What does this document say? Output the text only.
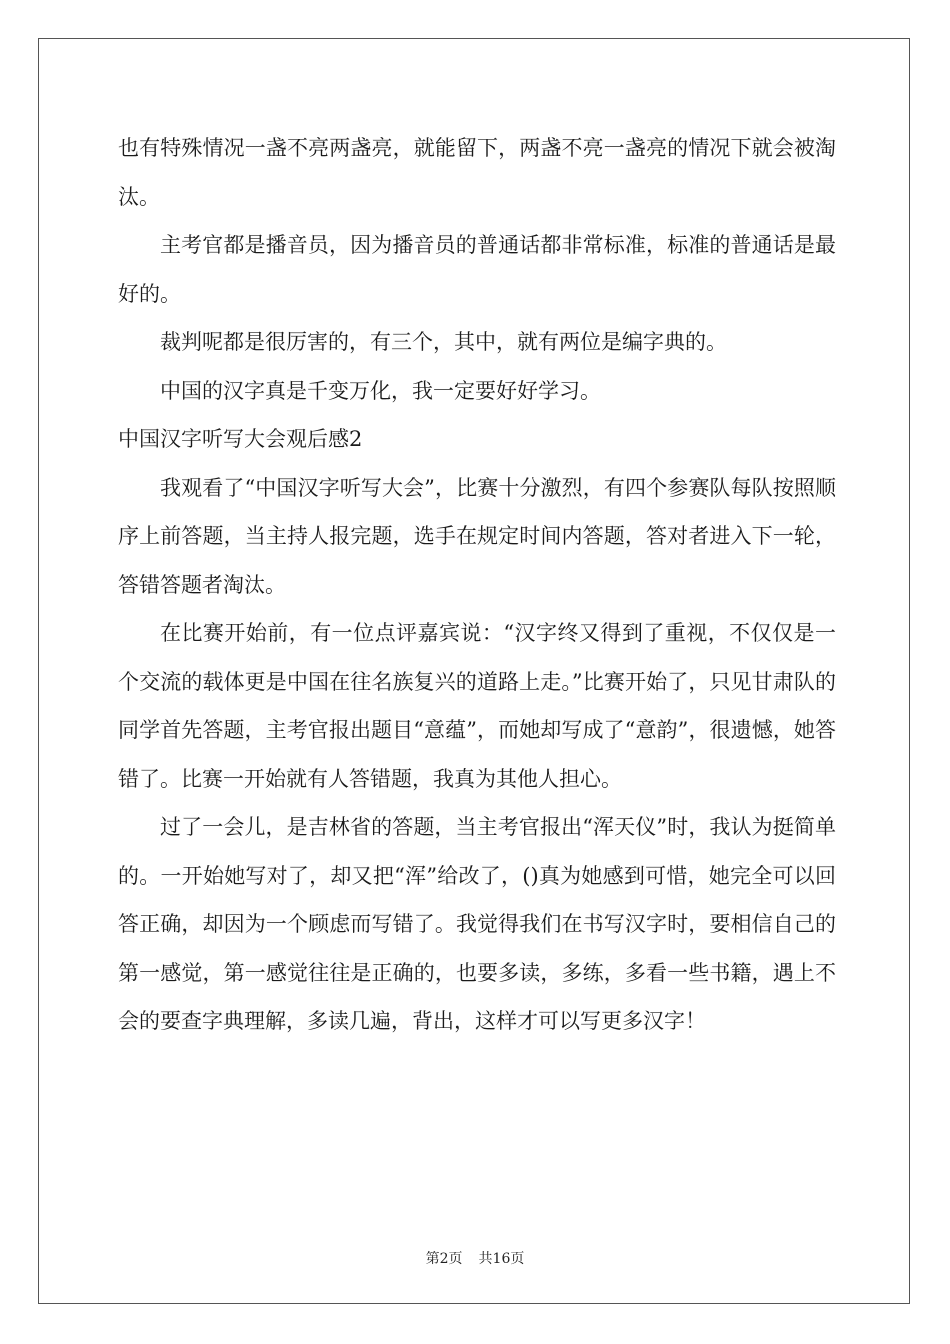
也有特殊情况一盏不亮两盏亮，就能留下，两盏不亮一盏亮的情况下就会被淘汰。

主考官都是播音员，因为播音员的普通话都非常标准，标准的普通话是最好的。

裁判呢都是很厉害的，有三个，其中，就有两位是编字典的。

中国的汉字真是千变万化，我一定要好好学习。

中国汉字听写大会观后感2

我观看了“中国汉字听写大会”，比赛十分激烈，有四个参赛队每队按照顺序上前答题，当主持人报完题，选手在规定时间内答题，答对者进入下一轮，答错答题者淘汰。

在比赛开始前，有一位点评嘉宾说：“汉字终又得到了重视，不仅仅是一个交流的载体更是中国在往名族复兴的道路上走。”比赛开始了，只见甘肃队的同学首先答题，主考官报出题目“意蕴”，而她却写成了“意韵”，很遗憾，她答错了。比赛一开始就有人答错题，我真为其他人担心。

过了一会儿，是吉林省的答题，当主考官报出“浑天仪”时，我认为挺简单的。一开始她写对了，却又把“浑”给改了，()真为她感到可惜，她完全可以回答正确，却因为一个顾虑而写错了。我觉得我们在书写汉字时，要相信自己的第一感觉，第一感觉往往是正确的，也要多读，多练，多看一些书籍，遇上不会的要查字典理解，多读几遍，背出，这样才可以写更多汉字！

第2页 共16页
